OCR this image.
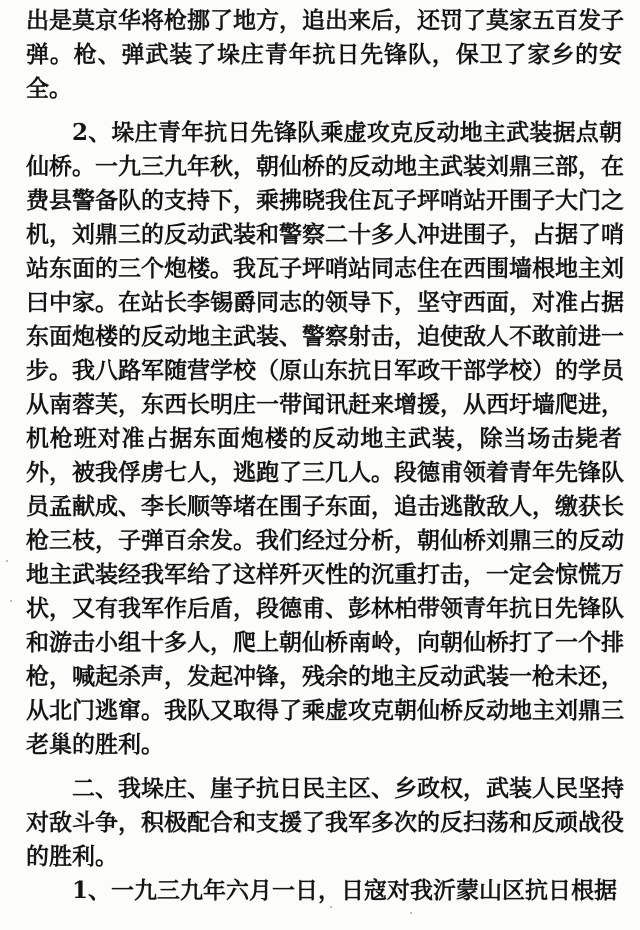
出是莫京华将枪挪了地方，追出来后，还罚了莫家五百发子
弹。枪、弹武装了垛庄青年抗日先锋队，保卫了家乡的安
全。
2、垛庄青年抗日先锋队乘虚攻克反动地主武装据点朝
仙桥。一九三九年秋，朝仙桥的反动地主武装刘鼎三部，在
费县警备队的支持下，乘拂晓我住瓦子坪哨站开围子大门之
机，刘鼎三的反动武装和警察二十多人冲进围子，占据了哨
站东面的三个炮楼。我瓦子坪哨站同志住在西围墙根地主刘
曰中家。在站长李锡爵同志的领导下，坚守西面，对准占据
东面炮楼的反动地主武装、警察射击，迫使敌人不敢前进一
步。我八路军随营学校（原山东抗日军政干部学校）的学员
从南蓉芙，东西长明庄一带闻讯赶来增援，从西圩墙爬进，
机枪班对准占据东面炮楼的反动地主武装，除当场击毙者
外，被我俘虏七人，逃跑了三几人。段德甫领着青年先锋队
员孟献成、李长顺等堵在围子东面，追击逃散敌人，缴获长
枪三枝，子弹百余发。我们经过分析，朝仙桥刘鼎三的反动
地主武装经我军给了这样歼灭性的沉重打击，一定会惊慌万
状，又有我军作后盾，段德甫、彭林柏带领青年抗日先锋队
和游击小组十多人，爬上朝仙桥南岭，向朝仙桥打了一个排
枪，喊起杀声，发起冲锋，残余的地主反动武装一枪未还，
从北门逃窜。我队又取得了乘虚攻克朝仙桥反动地主刘鼎三
老巢的胜利。
二、我垛庄、崖子抗日民主区、乡政权，武装人民坚持
对敌斗争，积极配合和支援了我军多次的反扫荡和反顽战役
的胜利。
1、一九三九年六月一日，日寇对我沂蒙山区抗日根据
